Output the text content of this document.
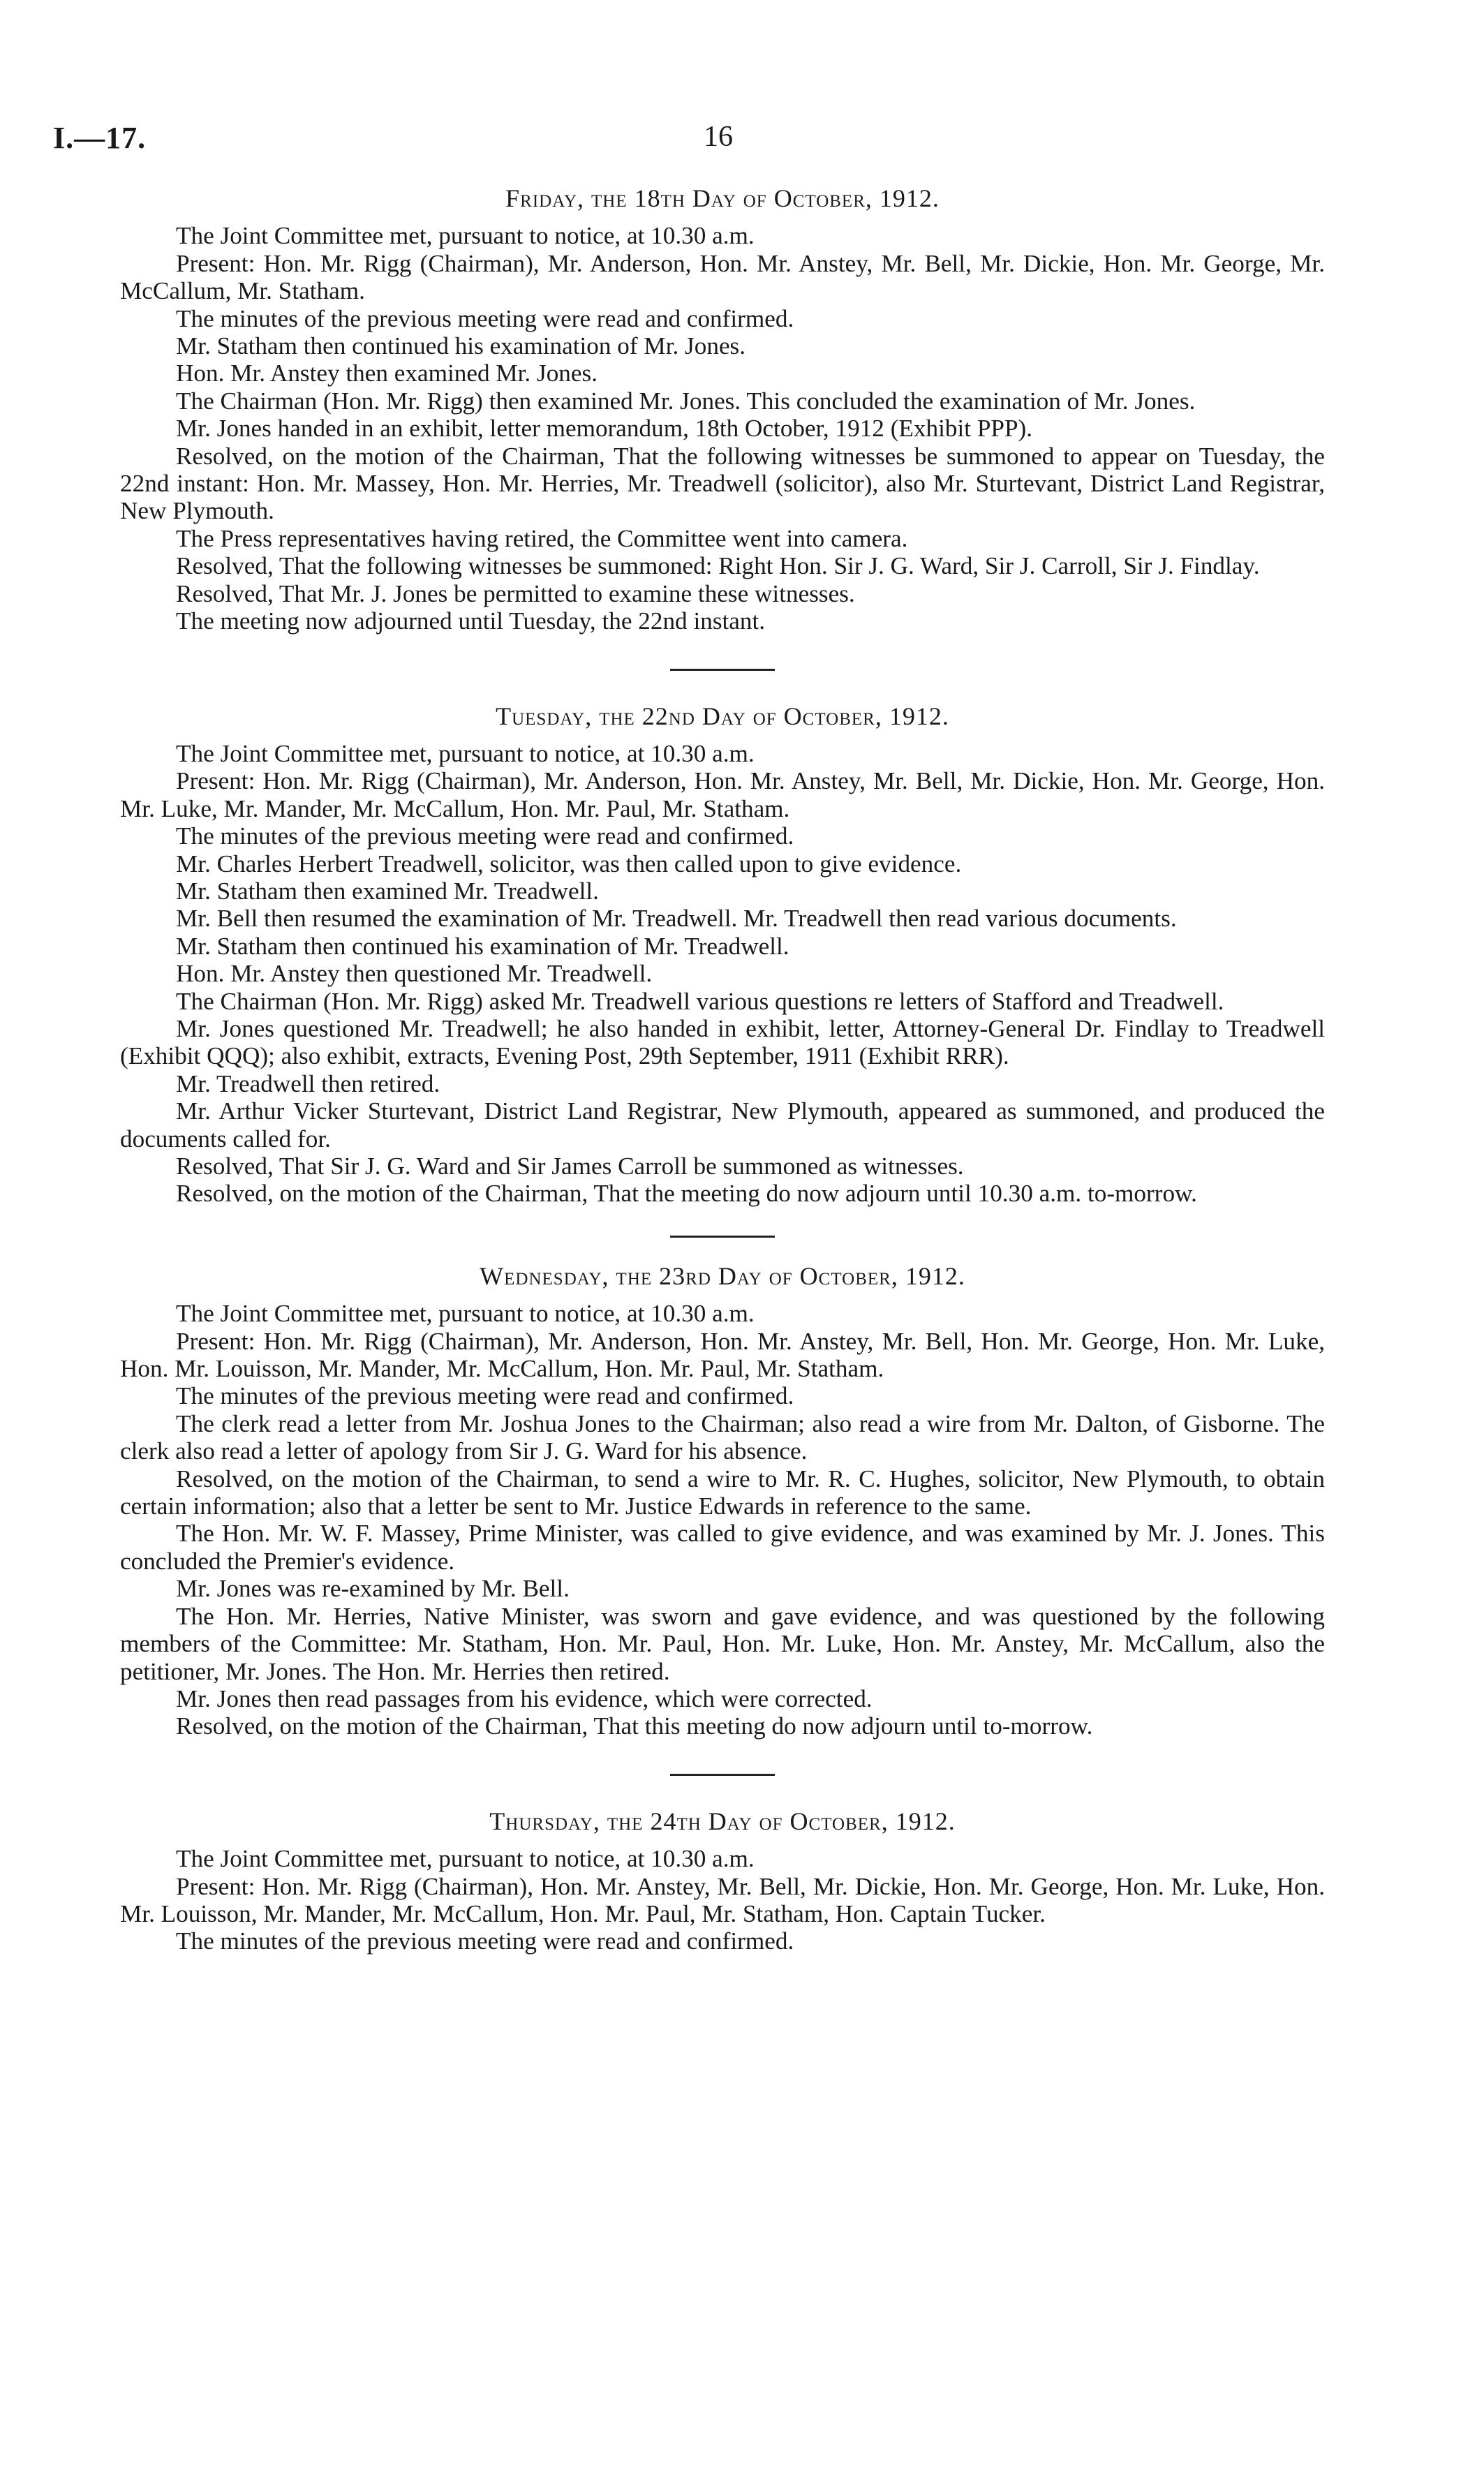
I.—17.	16
Friday, the 18th Day of October, 1912.

The Joint Committee met, pursuant to notice, at 10.30 a.m.

Present: Hon. Mr. Rigg (Chairman), Mr. Anderson, Hon. Mr. Anstey, Mr. Bell, Mr. Dickie, Hon. Mr. George, Mr. McCallum, Mr. Statham.

The minutes of the previous meeting were read and confirmed.

Mr. Statham then continued his examination of Mr. Jones.

Hon. Mr. Anstey then examined Mr. Jones.

The Chairman (Hon. Mr. Rigg) then examined Mr. Jones. This concluded the examination of Mr. Jones.

Mr. Jones handed in an exhibit, letter memorandum, 18th October, 1912 (Exhibit PPP).

Resolved, on the motion of the Chairman, That the following witnesses be summoned to appear on Tuesday, the 22nd instant: Hon. Mr. Massey, Hon. Mr. Herries, Mr. Treadwell (solicitor), also Mr. Sturtevant, District Land Registrar, New Plymouth.

The Press representatives having retired, the Committee went into camera.

Resolved, That the following witnesses be summoned: Right Hon. Sir J. G. Ward, Sir J. Carroll, Sir J. Findlay.

Resolved, That Mr. J. Jones be permitted to examine these witnesses.

The meeting now adjourned until Tuesday, the 22nd instant.

Tuesday, the 22nd Day of October, 1912.

The Joint Committee met, pursuant to notice, at 10.30 a.m.

Present: Hon. Mr. Rigg (Chairman), Mr. Anderson, Hon. Mr. Anstey, Mr. Bell, Mr. Dickie, Hon. Mr. George, Hon. Mr. Luke, Mr. Mander, Mr. McCallum, Hon. Mr. Paul, Mr. Statham.

The minutes of the previous meeting were read and confirmed.

Mr. Charles Herbert Treadwell, solicitor, was then called upon to give evidence.

Mr. Statham then examined Mr. Treadwell.

Mr. Bell then resumed the examination of Mr. Treadwell. Mr. Treadwell then read various documents.

Mr. Statham then continued his examination of Mr. Treadwell.

Hon. Mr. Anstey then questioned Mr. Treadwell.

The Chairman (Hon. Mr. Rigg) asked Mr. Treadwell various questions re letters of Stafford and Treadwell.

Mr. Jones questioned Mr. Treadwell; he also handed in exhibit, letter, Attorney-General Dr. Findlay to Treadwell (Exhibit QQQ); also exhibit, extracts, Evening Post, 29th September, 1911 (Exhibit RRR).

Mr. Treadwell then retired.

Mr. Arthur Vicker Sturtevant, District Land Registrar, New Plymouth, appeared as summoned, and produced the documents called for.

Resolved, That Sir J. G. Ward and Sir James Carroll be summoned as witnesses.

Resolved, on the motion of the Chairman, That the meeting do now adjourn until 10.30 a.m. to-morrow.

Wednesday, the 23rd Day of October, 1912.

The Joint Committee met, pursuant to notice, at 10.30 a.m.

Present: Hon. Mr. Rigg (Chairman), Mr. Anderson, Hon. Mr. Anstey, Mr. Bell, Hon. Mr. George, Hon. Mr. Luke, Hon. Mr. Louisson, Mr. Mander, Mr. McCallum, Hon. Mr. Paul, Mr. Statham.

The minutes of the previous meeting were read and confirmed.

The clerk read a letter from Mr. Joshua Jones to the Chairman; also read a wire from Mr. Dalton, of Gisborne. The clerk also read a letter of apology from Sir J. G. Ward for his absence.

Resolved, on the motion of the Chairman, to send a wire to Mr. R. C. Hughes, solicitor, New Plymouth, to obtain certain information; also that a letter be sent to Mr. Justice Edwards in reference to the same.

The Hon. Mr. W. F. Massey, Prime Minister, was called to give evidence, and was examined by Mr. J. Jones. This concluded the Premier's evidence.

Mr. Jones was re-examined by Mr. Bell.

The Hon. Mr. Herries, Native Minister, was sworn and gave evidence, and was questioned by the following members of the Committee: Mr. Statham, Hon. Mr. Paul, Hon. Mr. Luke, Hon. Mr. Anstey, Mr. McCallum, also the petitioner, Mr. Jones. The Hon. Mr. Herries then retired.

Mr. Jones then read passages from his evidence, which were corrected.

Resolved, on the motion of the Chairman, That this meeting do now adjourn until to-morrow.

Thursday, the 24th Day of October, 1912.

The Joint Committee met, pursuant to notice, at 10.30 a.m.

Present: Hon. Mr. Rigg (Chairman), Hon. Mr. Anstey, Mr. Bell, Mr. Dickie, Hon. Mr. George, Hon. Mr. Luke, Hon. Mr. Louisson, Mr. Mander, Mr. McCallum, Hon. Mr. Paul, Mr. Statham, Hon. Captain Tucker.

The minutes of the previous meeting were read and confirmed.
